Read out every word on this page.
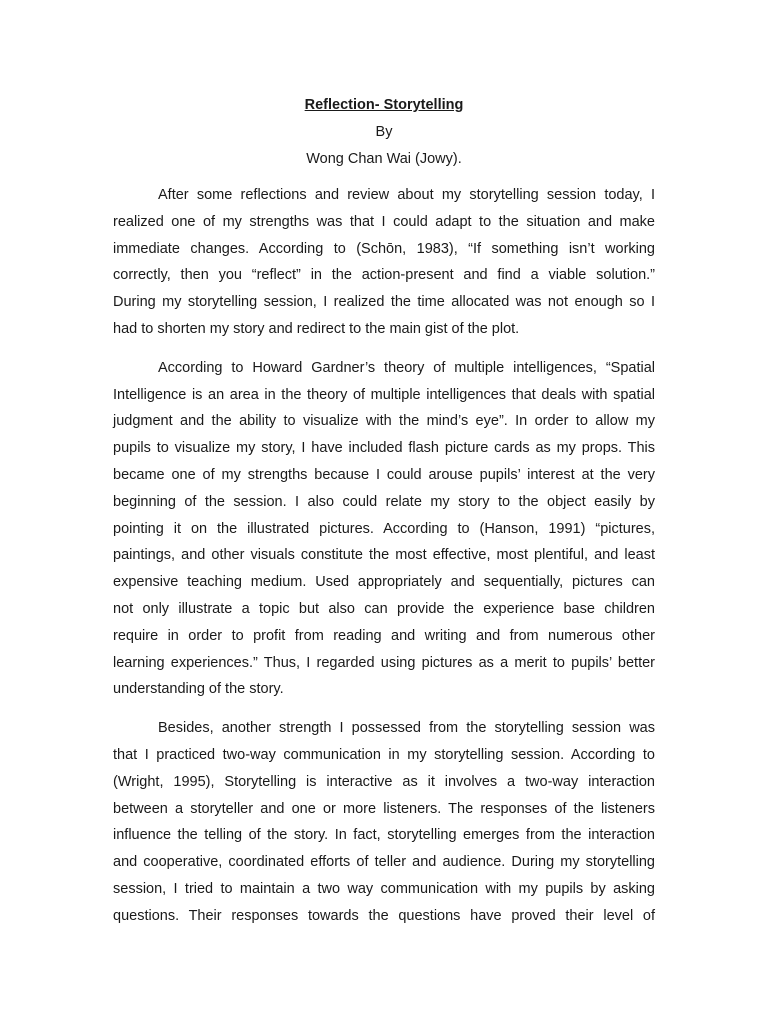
Reflection- Storytelling
By
Wong Chan Wai (Jowy).
After some reflections and review about my storytelling session today, I
realized one of my strengths was that I could adapt to the situation and make
immediate changes. According to (Schōn, 1983), “If something isn’t working
correctly, then you “reflect” in the action-present and find a viable solution.”
During my storytelling session, I realized the time allocated was not enough so I
had to shorten my story and redirect to the main gist of the plot.
According to Howard Gardner’s theory of multiple intelligences, “Spatial
Intelligence is an area in the theory of multiple intelligences that deals with spatial
judgment and the ability to visualize with the mind’s eye”. In order to allow my
pupils to visualize my story, I have included flash picture cards as my props. This
became one of my strengths because I could arouse pupils’ interest at the very
beginning of the session. I also could relate my story to the object easily by
pointing it on the illustrated pictures. According to (Hanson, 1991) “pictures,
paintings, and other visuals constitute the most effective, most plentiful, and least
expensive teaching medium. Used appropriately and sequentially, pictures can
not only illustrate a topic but also can provide the experience base children
require in order to profit from reading and writing and from numerous other
learning experiences.” Thus, I regarded using pictures as a merit to pupils’ better
understanding of the story.
Besides, another strength I possessed from the storytelling session was
that I practiced two-way communication in my storytelling session. According to
(Wright, 1995), Storytelling is interactive as it involves a two-way interaction
between a storyteller and one or more listeners. The responses of the listeners
influence the telling of the story. In fact, storytelling emerges from the interaction
and cooperative, coordinated efforts of teller and audience. During my storytelling
session, I tried to maintain a two way communication with my pupils by asking
questions. Their responses towards the questions have proved their level of
